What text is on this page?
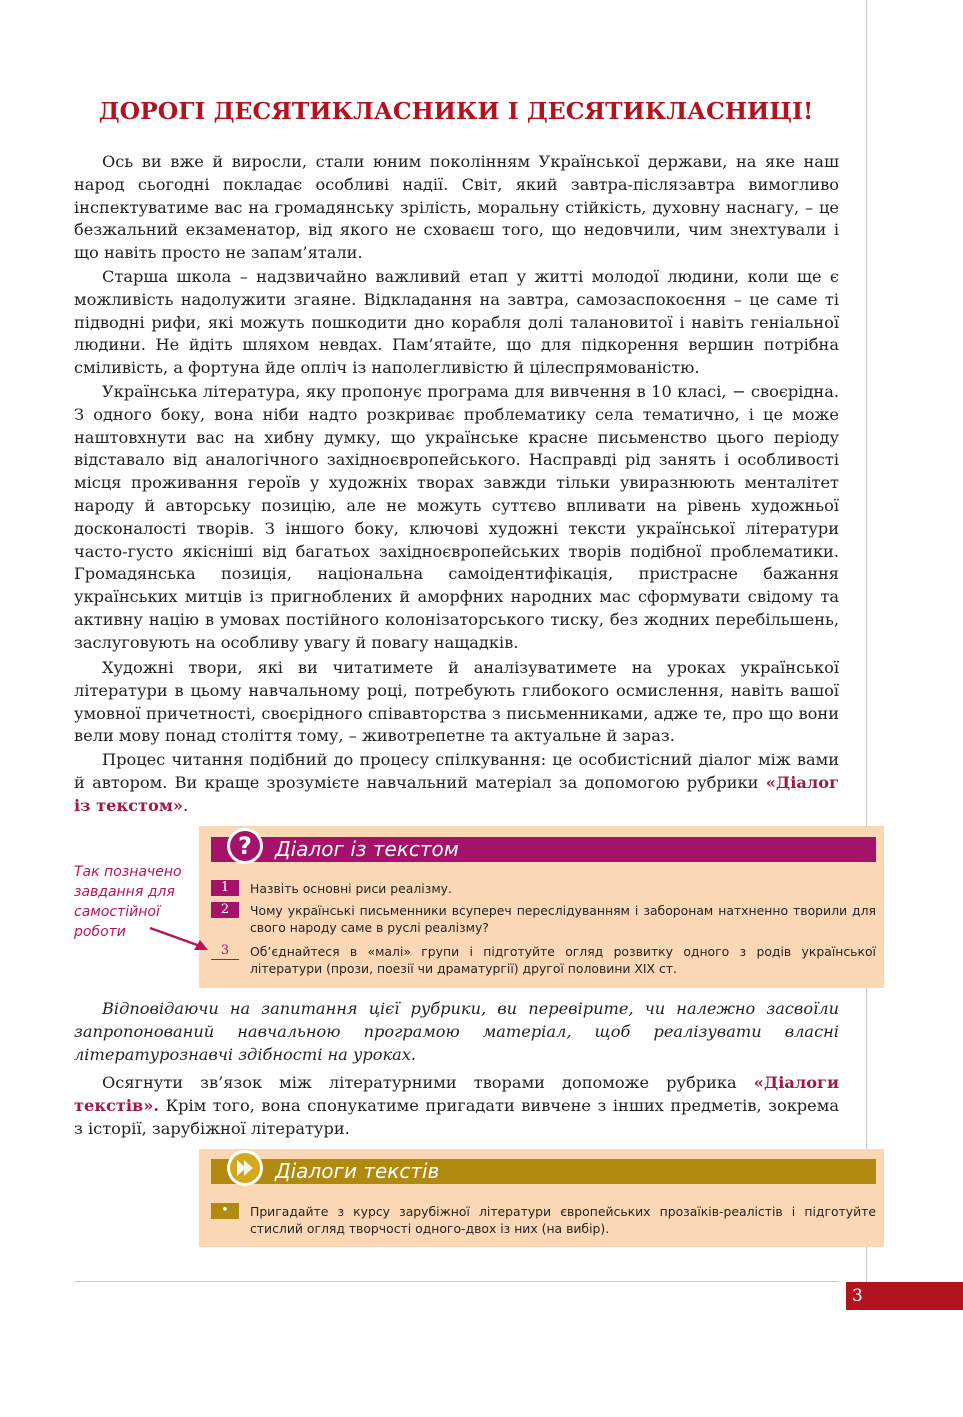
ДОРОГІ ДЕСЯТИКЛАСНИКИ І ДЕСЯТИКЛАСНИЦІ!

Ось ви вже й виросли, стали юним поколінням Української держави, на яке наш народ сьогодні покладає особливі надії. Світ, який завтра-післязавтра вимогливо інспектуватиме вас на громадянську зрілість, моральну стійкість, духовну наснагу, – це безжальний екзаменатор, від якого не сховаєш того, що недовчили, чим знехтували і що навіть просто не запам’ятали.

Старша школа – надзвичайно важливий етап у житті молодої людини, коли ще є можливість надолужити згаяне. Відкладання на завтра, самозаспокоєння – це саме ті підводні рифи, які можуть пошкодити дно корабля долі талановитої і навіть геніальної людини. Не йдіть шляхом невдах. Пам’ятайте, що для підкорення вершин потрібна сміливість, а фортуна йде опліч із наполегливістю й цілеспрямованістю.

Українська література, яку пропонує програма для вивчення в 10 класі, − своєрідна. З одного боку, вона ніби надто розкриває проблематику села тематично, і це може наштовхнути вас на хибну думку, що українське красне письменство цього періоду відставало від аналогічного західноєвропейського. Насправді рід занять і особливості місця проживання героїв у художніх творах завжди тільки увиразнюють менталітет народу й авторську позицію, але не можуть суттєво впливати на рівень художньої досконалості творів. З іншого боку, ключові художні тексти української літератури часто-густо якісніші від багатьох західноєвропейських творів подібної проблематики. Громадянська позиція, національна самоідентифікація, пристрасне бажання українських митців із пригноблених й аморфних народних мас сформувати свідому та активну націю в умовах постійного колонізаторського тиску, без жодних перебільшень, заслуговують на особливу увагу й повагу нащадків.

Художні твори, які ви читатимете й аналізуватимете на уроках української літератури в цьому навчальному році, потребують глибокого осмислення, навіть вашої умовної причетності, своєрідного співавторства з письменниками, адже те, про що вони вели мову понад століття тому, – животрепетне та актуальне й зараз.

Процес читання подібний до процесу спілкування: це особистісний діалог між вами й автором. Ви краще зрозумієте навчальний матеріал за допомогою рубрики «Діалог із текстом».

?	Діалог із текстом
1	Назвіть основні риси реалізму.
2	Чому українські письменники всупереч переслідуванням і заборонам натхненно творили для свого народу саме в руслі реалізму?
3	Об’єднайтеся в «малі» групи і підготуйте огляд розвитку одного з родів української літератури (прози, поезії чи драматургії) другої половини XIX ст.
Так позначено завдання для самостійної роботи

Відповідаючи на запитання цієї рубрики, ви перевірите, чи належно засвоїли запропонований навчальною програмою матеріал, щоб реалізувати власні літературознавчі здібності на уроках.

Осягнути зв’язок між літературними творами допоможе рубрика «Діалоги текстів». Крім того, вона спонукатиме пригадати вивчене з інших предметів, зокрема з історії, зарубіжної літератури.

Діалоги текстів
•	Пригадайте з курсу зарубіжної літератури європейських прозаїків-реалістів і підготуйте стислий огляд творчості одного-двох із них (на вибір).
3
